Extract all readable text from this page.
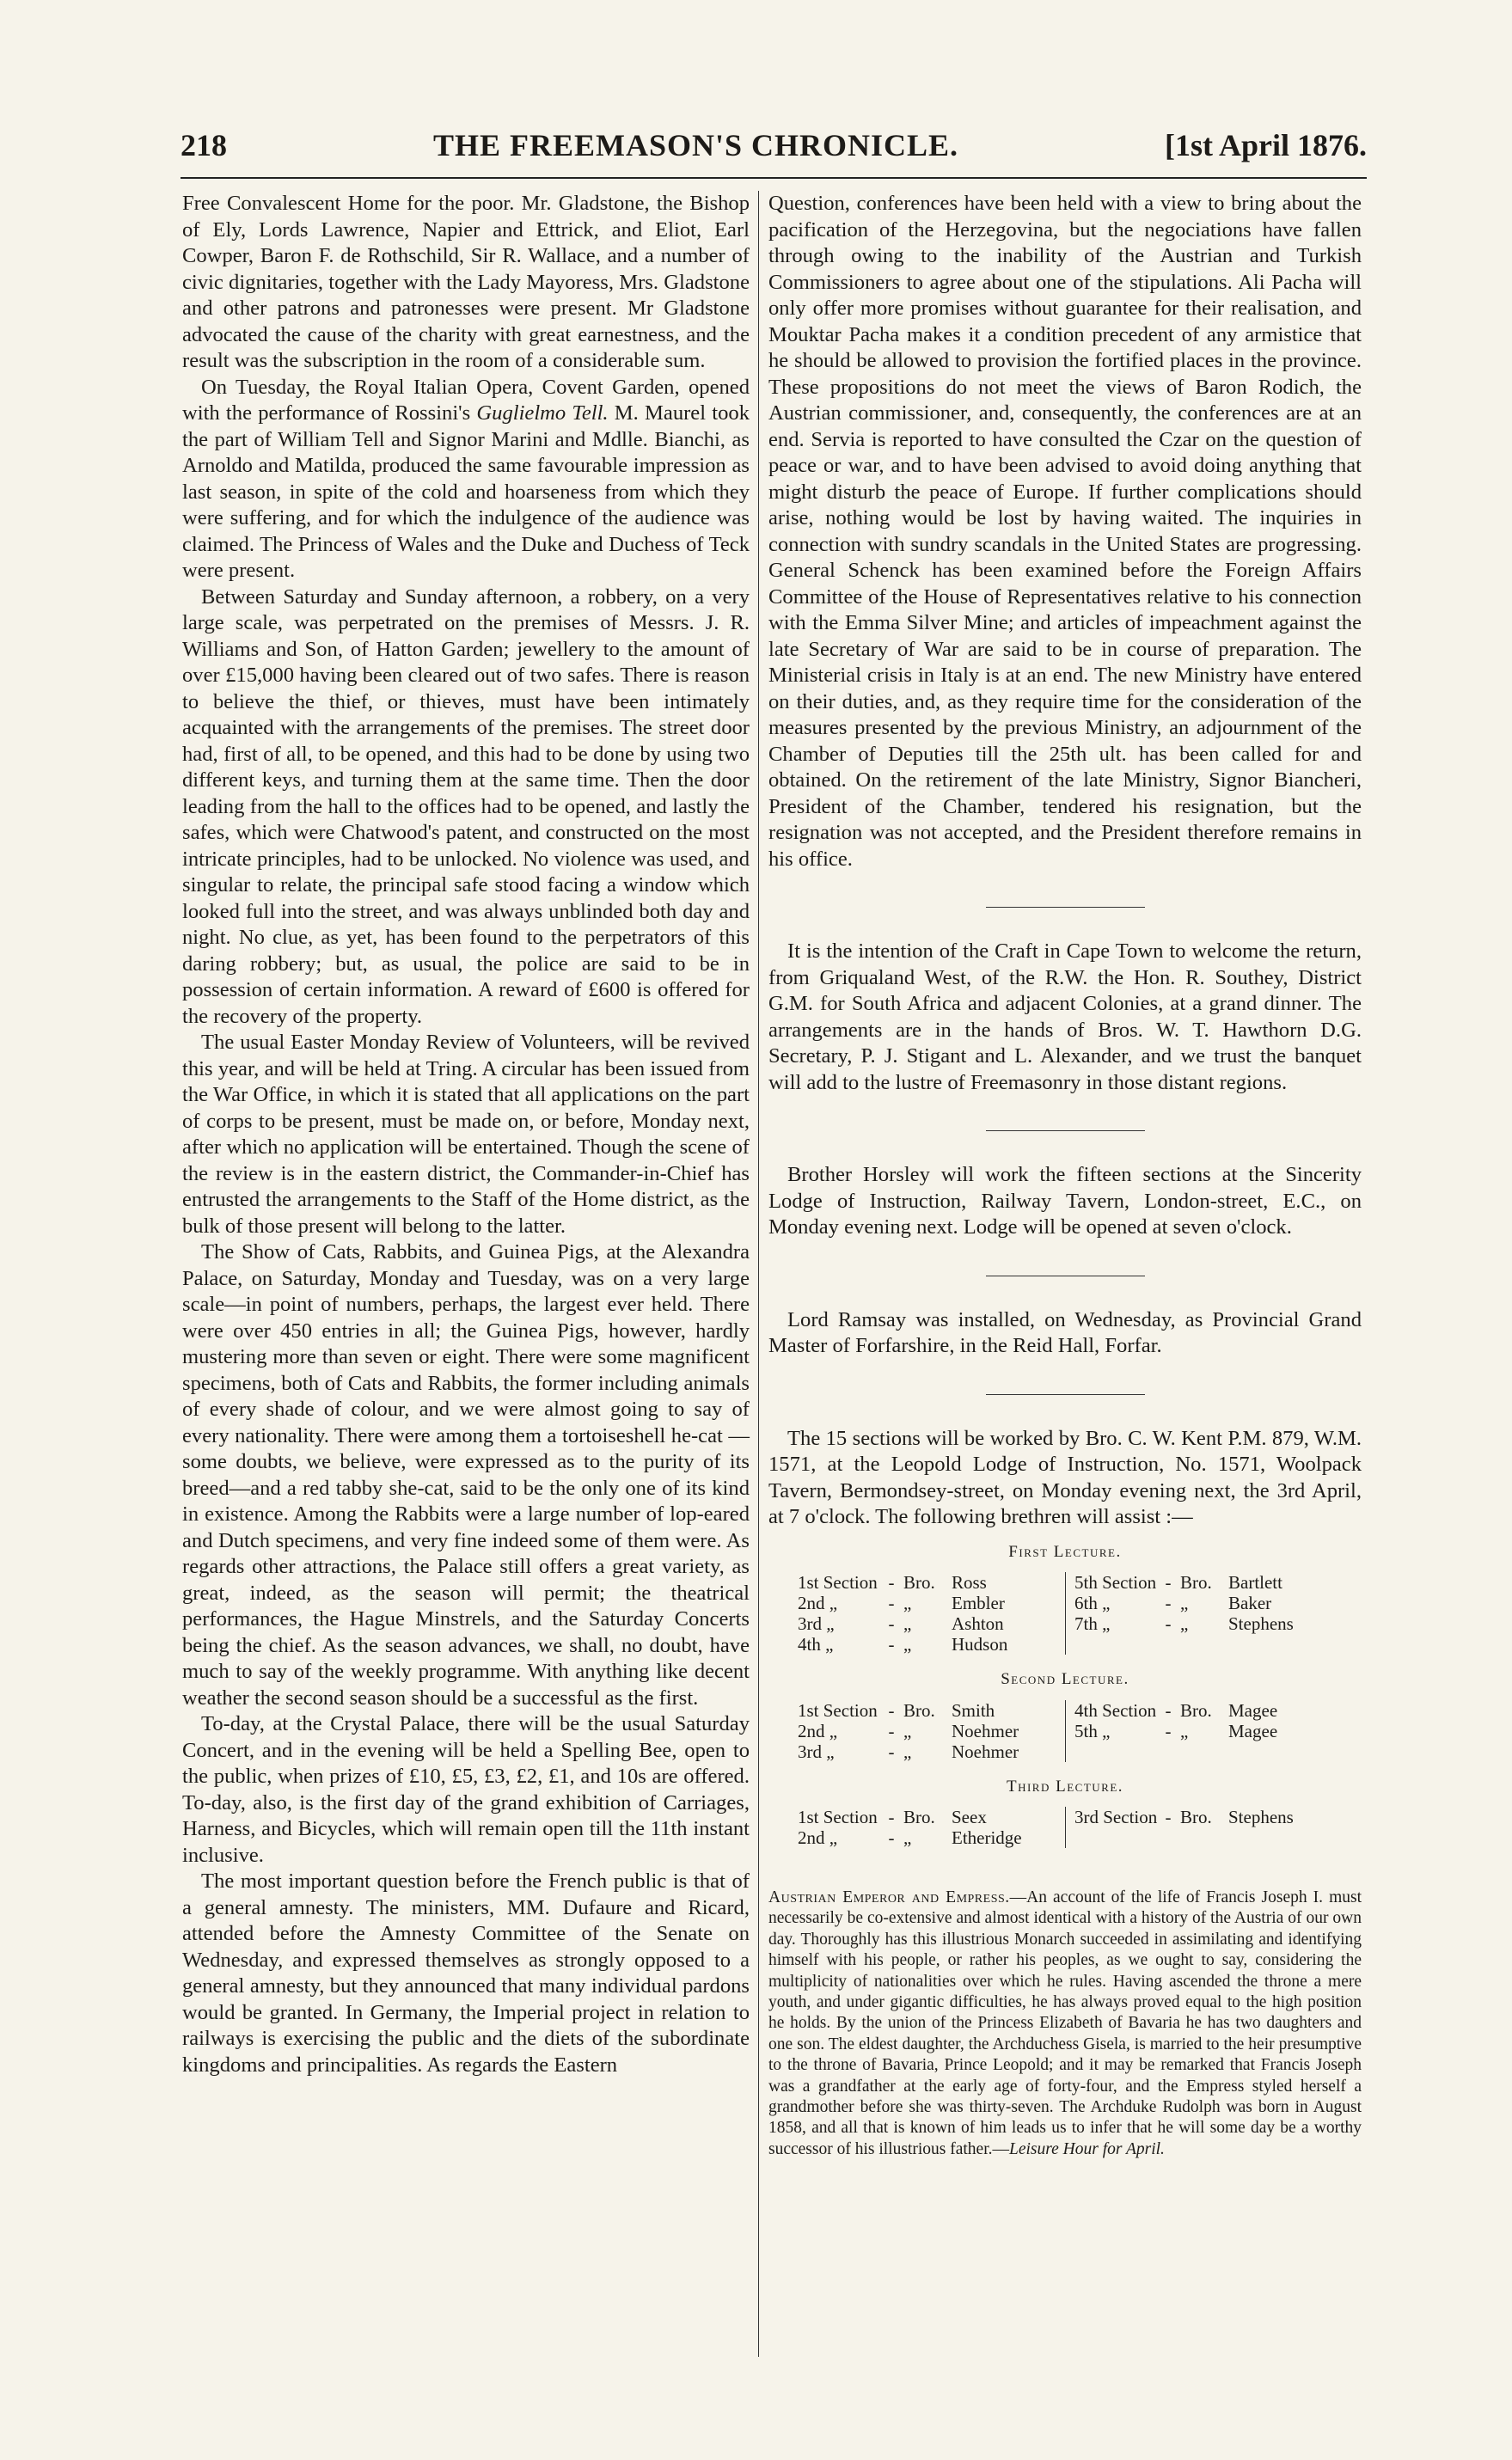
218	THE FREEMASON'S CHRONICLE.	[1st April 1876.

Free Convalescent Home for the poor. Mr. Gladstone, the Bishop of Ely, Lords Lawrence, Napier and Ettrick, and Eliot, Earl Cowper, Baron F. de Rothschild, Sir R. Wallace, and a number of civic dignitaries, together with the Lady Mayoress, Mrs. Gladstone and other patrons and patronesses were present. Mr Gladstone advocated the cause of the charity with great earnestness, and the result was the subscription in the room of a considerable sum.

On Tuesday, the Royal Italian Opera, Covent Garden, opened with the performance of Rossini's Guglielmo Tell. M. Maurel took the part of William Tell and Signor Marini and Mdlle. Bianchi, as Arnoldo and Matilda, produced the same favourable impression as last season, in spite of the cold and hoarseness from which they were suffering, and for which the indulgence of the audience was claimed. The Princess of Wales and the Duke and Duchess of Teck were present.

Between Saturday and Sunday afternoon, a robbery, on a very large scale, was perpetrated on the premises of Messrs. J. R. Williams and Son, of Hatton Garden; jewellery to the amount of over £15,000 having been cleared out of two safes. There is reason to believe the thief, or thieves, must have been intimately acquainted with the arrangements of the premises. The street door had, first of all, to be opened, and this had to be done by using two different keys, and turning them at the same time. Then the door leading from the hall to the offices had to be opened, and lastly the safes, which were Chatwood's patent, and constructed on the most intricate principles, had to be unlocked. No violence was used, and singular to relate, the principal safe stood facing a window which looked full into the street, and was always unblinded both day and night. No clue, as yet, has been found to the perpetrators of this daring robbery; but, as usual, the police are said to be in possession of certain information. A reward of £600 is offered for the recovery of the property.

The usual Easter Monday Review of Volunteers, will be revived this year, and will be held at Tring. A circular has been issued from the War Office, in which it is stated that all applications on the part of corps to be present, must be made on, or before, Monday next, after which no application will be entertained. Though the scene of the review is in the eastern district, the Commander-in-Chief has entrusted the arrangements to the Staff of the Home district, as the bulk of those present will belong to the latter.

The Show of Cats, Rabbits, and Guinea Pigs, at the Alexandra Palace, on Saturday, Monday and Tuesday, was on a very large scale—in point of numbers, perhaps, the largest ever held. There were over 450 entries in all; the Guinea Pigs, however, hardly mustering more than seven or eight. There were some magnificent specimens, both of Cats and Rabbits, the former including animals of every shade of colour, and we were almost going to say of every nationality. There were among them a tortoiseshell he-cat —some doubts, we believe, were expressed as to the purity of its breed—and a red tabby she-cat, said to be the only one of its kind in existence. Among the Rabbits were a large number of lop-eared and Dutch specimens, and very fine indeed some of them were. As regards other attractions, the Palace still offers a great variety, as great, indeed, as the season will permit; the theatrical performances, the Hague Minstrels, and the Saturday Concerts being the chief. As the season advances, we shall, no doubt, have much to say of the weekly programme. With anything like decent weather the second season should be a successful as the first.

To-day, at the Crystal Palace, there will be the usual Saturday Concert, and in the evening will be held a Spelling Bee, open to the public, when prizes of £10, £5, £3, £2, £1, and 10s are offered. To-day, also, is the first day of the grand exhibition of Carriages, Harness, and Bicycles, which will remain open till the 11th instant inclusive.

The most important question before the French public is that of a general amnesty. The ministers, MM. Dufaure and Ricard, attended before the Amnesty Committee of the Senate on Wednesday, and expressed themselves as strongly opposed to a general amnesty, but they announced that many individual pardons would be granted. In Germany, the Imperial project in relation to railways is exercising the public and the diets of the subordinate kingdoms and principalities. As regards the Eastern

Question, conferences have been held with a view to bring about the pacification of the Herzegovina, but the negociations have fallen through owing to the inability of the Austrian and Turkish Commissioners to agree about one of the stipulations. Ali Pacha will only offer more promises without guarantee for their realisation, and Mouktar Pacha makes it a condition precedent of any armistice that he should be allowed to provision the fortified places in the province. These propositions do not meet the views of Baron Rodich, the Austrian commissioner, and, consequently, the conferences are at an end. Servia is reported to have consulted the Czar on the question of peace or war, and to have been advised to avoid doing anything that might disturb the peace of Europe. If further complications should arise, nothing would be lost by having waited. The inquiries in connection with sundry scandals in the United States are progressing. General Schenck has been examined before the Foreign Affairs Committee of the House of Representatives relative to his connection with the Emma Silver Mine; and articles of impeachment against the late Secretary of War are said to be in course of preparation. The Ministerial crisis in Italy is at an end. The new Ministry have entered on their duties, and, as they require time for the consideration of the measures presented by the previous Ministry, an adjournment of the Chamber of Deputies till the 25th ult. has been called for and obtained. On the retirement of the late Ministry, Signor Biancheri, President of the Chamber, tendered his resignation, but the resignation was not accepted, and the President therefore remains in his office.

It is the intention of the Craft in Cape Town to welcome the return, from Griqualand West, of the R.W. the Hon. R. Southey, District G.M. for South Africa and adjacent Colonies, at a grand dinner. The arrangements are in the hands of Bros. W. T. Hawthorn D.G. Secretary, P. J. Stigant and L. Alexander, and we trust the banquet will add to the lustre of Freemasonry in those distant regions.

Brother Horsley will work the fifteen sections at the Sincerity Lodge of Instruction, Railway Tavern, London-street, E.C., on Monday evening next. Lodge will be opened at seven o'clock.

Lord Ramsay was installed, on Wednesday, as Provincial Grand Master of Forfarshire, in the Reid Hall, Forfar.

The 15 sections will be worked by Bro. C. W. Kent P.M. 879, W.M. 1571, at the Leopold Lodge of Instruction, No. 1571, Woolpack Tavern, Bermondsey-street, on Monday evening next, the 3rd April, at 7 o'clock. The following brethren will assist :—

First Lecture.
1st Section - Bro. Ross
2nd „	- „	Embler
3rd „	- „	Ashton
4th „	- „	Hudson
5th Section - Bro. Bartlett
6th „	- „	Baker
7th „	- „	Stephens
Second Lecture.
1st Section - Bro. Smith
2nd „	- „	Noehmer
3rd „	- „	Noehmer
4th Section - Bro. Magee
5th „	- „	Magee
Third Lecture.
1st Section - Bro. Seex
2nd „	- „	Etheridge
3rd Section - Bro. Stephens

Austrian Emperor and Empress.—An account of the life of Francis Joseph I. must necessarily be co-extensive and almost identical with a history of the Austria of our own day. Thoroughly has this illustrious Monarch succeeded in assimilating and identifying himself with his people, or rather his peoples, as we ought to say, considering the multiplicity of nationalities over which he rules. Having ascended the throne a mere youth, and under gigantic difficulties, he has always proved equal to the high position he holds. By the union of the Princess Elizabeth of Bavaria he has two daughters and one son. The eldest daughter, the Archduchess Gisela, is married to the heir presumptive to the throne of Bavaria, Prince Leopold; and it may be remarked that Francis Joseph was a grandfather at the early age of forty-four, and the Empress styled herself a grandmother before she was thirty-seven. The Archduke Rudolph was born in August 1858, and all that is known of him leads us to infer that he will some day be a worthy successor of his illustrious father.—Leisure Hour for April.
